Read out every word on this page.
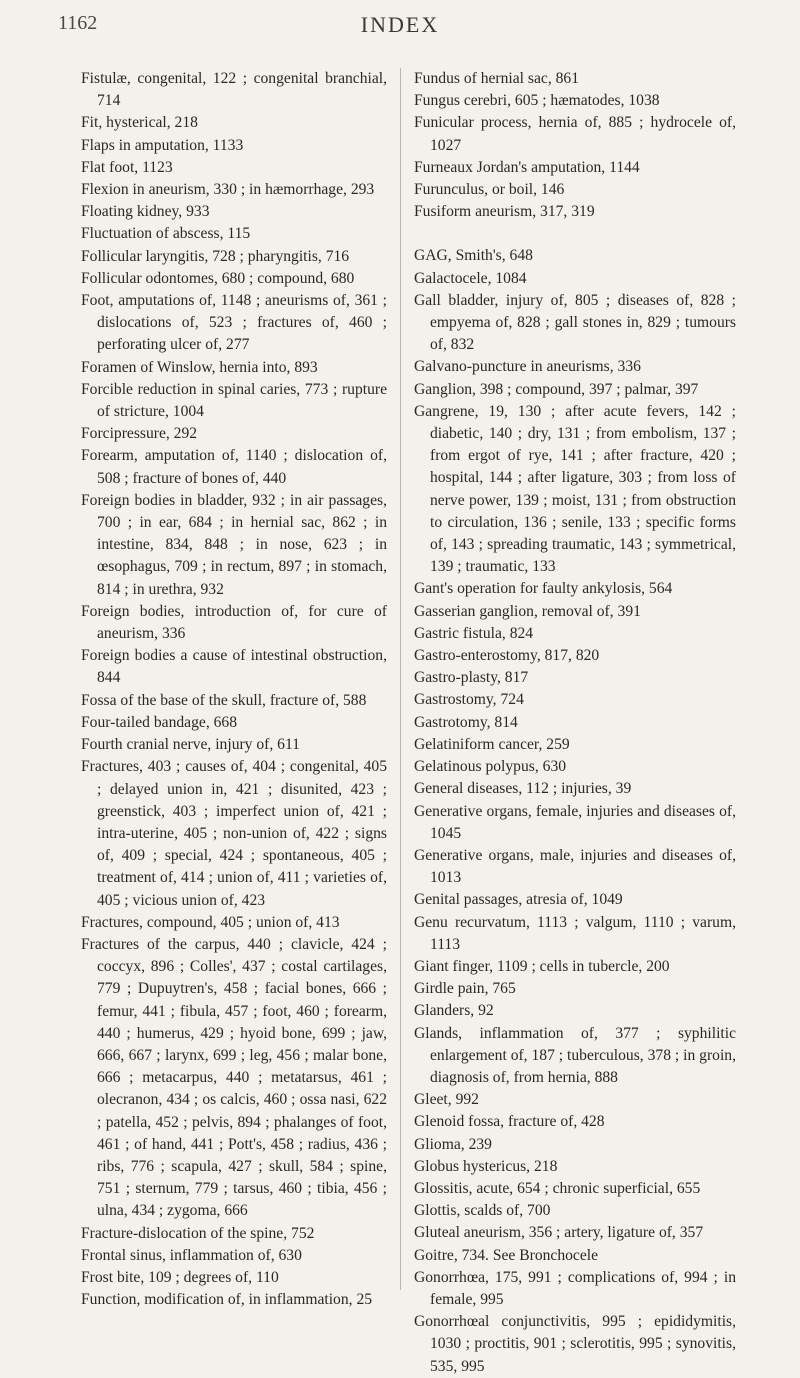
1162	INDEX
Fistulæ, congenital, 122 ; congenital branchial, 714
Fit, hysterical, 218
Flaps in amputation, 1133
Flat foot, 1123
Flexion in aneurism, 330 ; in hæmorrhage, 293
Floating kidney, 933
Fluctuation of abscess, 115
Follicular laryngitis, 728 ; pharyngitis, 716
Follicular odontomes, 680 ; compound, 680
Foot, amputations of, 1148 ; aneurisms of, 361 ; dislocations of, 523 ; fractures of, 460 ; perforating ulcer of, 277
Foramen of Winslow, hernia into, 893
Forcible reduction in spinal caries, 773 ; rupture of stricture, 1004
Forcipressure, 292
Forearm, amputation of, 1140 ; dislocation of, 508 ; fracture of bones of, 440
Foreign bodies in bladder, 932 ; in air passages, 700 ; in ear, 684 ; in hernial sac, 862 ; in intestine, 834, 848 ; in nose, 623 ; in œsophagus, 709 ; in rectum, 897 ; in stomach, 814 ; in urethra, 932
Foreign bodies, introduction of, for cure of aneurism, 336
Foreign bodies a cause of intestinal obstruction, 844
Fossa of the base of the skull, fracture of, 588
Four-tailed bandage, 668
Fourth cranial nerve, injury of, 611
Fractures, 403 ; causes of, 404 ; congenital, 405 ; delayed union in, 421 ; disunited, 423 ; greenstick, 403 ; imperfect union of, 421 ; intra-uterine, 405 ; non-union of, 422 ; signs of, 409 ; special, 424 ; spontaneous, 405 ; treatment of, 414 ; union of, 411 ; varieties of, 405 ; vicious union of, 423
Fractures, compound, 405 ; union of, 413
Fractures of the carpus, 440 ; clavicle, 424 ; coccyx, 896 ; Colles', 437 ; costal cartilages, 779 ; Dupuytren's, 458 ; facial bones, 666 ; femur, 441 ; fibula, 457 ; foot, 460 ; forearm, 440 ; humerus, 429 ; hyoid bone, 699 ; jaw, 666, 667 ; larynx, 699 ; leg, 456 ; malar bone, 666 ; metacarpus, 440 ; metatarsus, 461 ; olecranon, 434 ; os calcis, 460 ; ossa nasi, 622 ; patella, 452 ; pelvis, 894 ; phalanges of foot, 461 ; of hand, 441 ; Pott's, 458 ; radius, 436 ; ribs, 776 ; scapula, 427 ; skull, 584 ; spine, 751 ; sternum, 779 ; tarsus, 460 ; tibia, 456 ; ulna, 434 ; zygoma, 666
Fracture-dislocation of the spine, 752
Frontal sinus, inflammation of, 630
Frost bite, 109 ; degrees of, 110
Function, modification of, in inflammation, 25
Fundus of hernial sac, 861
Fungus cerebri, 605 ; hæmatodes, 1038
Funicular process, hernia of, 885 ; hydrocele of, 1027
Furneaux Jordan's amputation, 1144
Furunculus, or boil, 146
Fusiform aneurism, 317, 319
GAG, Smith's, 648
Galactocele, 1084
Gall bladder, injury of, 805 ; diseases of, 828 ; empyema of, 828 ; gall stones in, 829 ; tumours of, 832
Galvano-puncture in aneurisms, 336
Ganglion, 398 ; compound, 397 ; palmar, 397
Gangrene, 19, 130 ; after acute fevers, 142 ; diabetic, 140 ; dry, 131 ; from embolism, 137 ; from ergot of rye, 141 ; after fracture, 420 ; hospital, 144 ; after ligature, 303 ; from loss of nerve power, 139 ; moist, 131 ; from obstruction to circulation, 136 ; senile, 133 ; specific forms of, 143 ; spreading traumatic, 143 ; symmetrical, 139 ; traumatic, 133
Gant's operation for faulty ankylosis, 564
Gasserian ganglion, removal of, 391
Gastric fistula, 824
Gastro-enterostomy, 817, 820
Gastro-plasty, 817
Gastrostomy, 724
Gastrotomy, 814
Gelatiniform cancer, 259
Gelatinous polypus, 630
General diseases, 112 ; injuries, 39
Generative organs, female, injuries and diseases of, 1045
Generative organs, male, injuries and diseases of, 1013
Genital passages, atresia of, 1049
Genu recurvatum, 1113 ; valgum, 1110 ; varum, 1113
Giant finger, 1109 ; cells in tubercle, 200
Girdle pain, 765
Glanders, 92
Glands, inflammation of, 377 ; syphilitic enlargement of, 187 ; tuberculous, 378 ; in groin, diagnosis of, from hernia, 888
Gleet, 992
Glenoid fossa, fracture of, 428
Glioma, 239
Globus hystericus, 218
Glossitis, acute, 654 ; chronic superficial, 655
Glottis, scalds of, 700
Gluteal aneurism, 356 ; artery, ligature of, 357
Goitre, 734. See Bronchocele
Gonorrhœa, 175, 991 ; complications of, 994 ; in female, 995
Gonorrhœal conjunctivitis, 995 ; epididymitis, 1030 ; proctitis, 901 ; sclerotitis, 995 ; synovitis, 535, 995
